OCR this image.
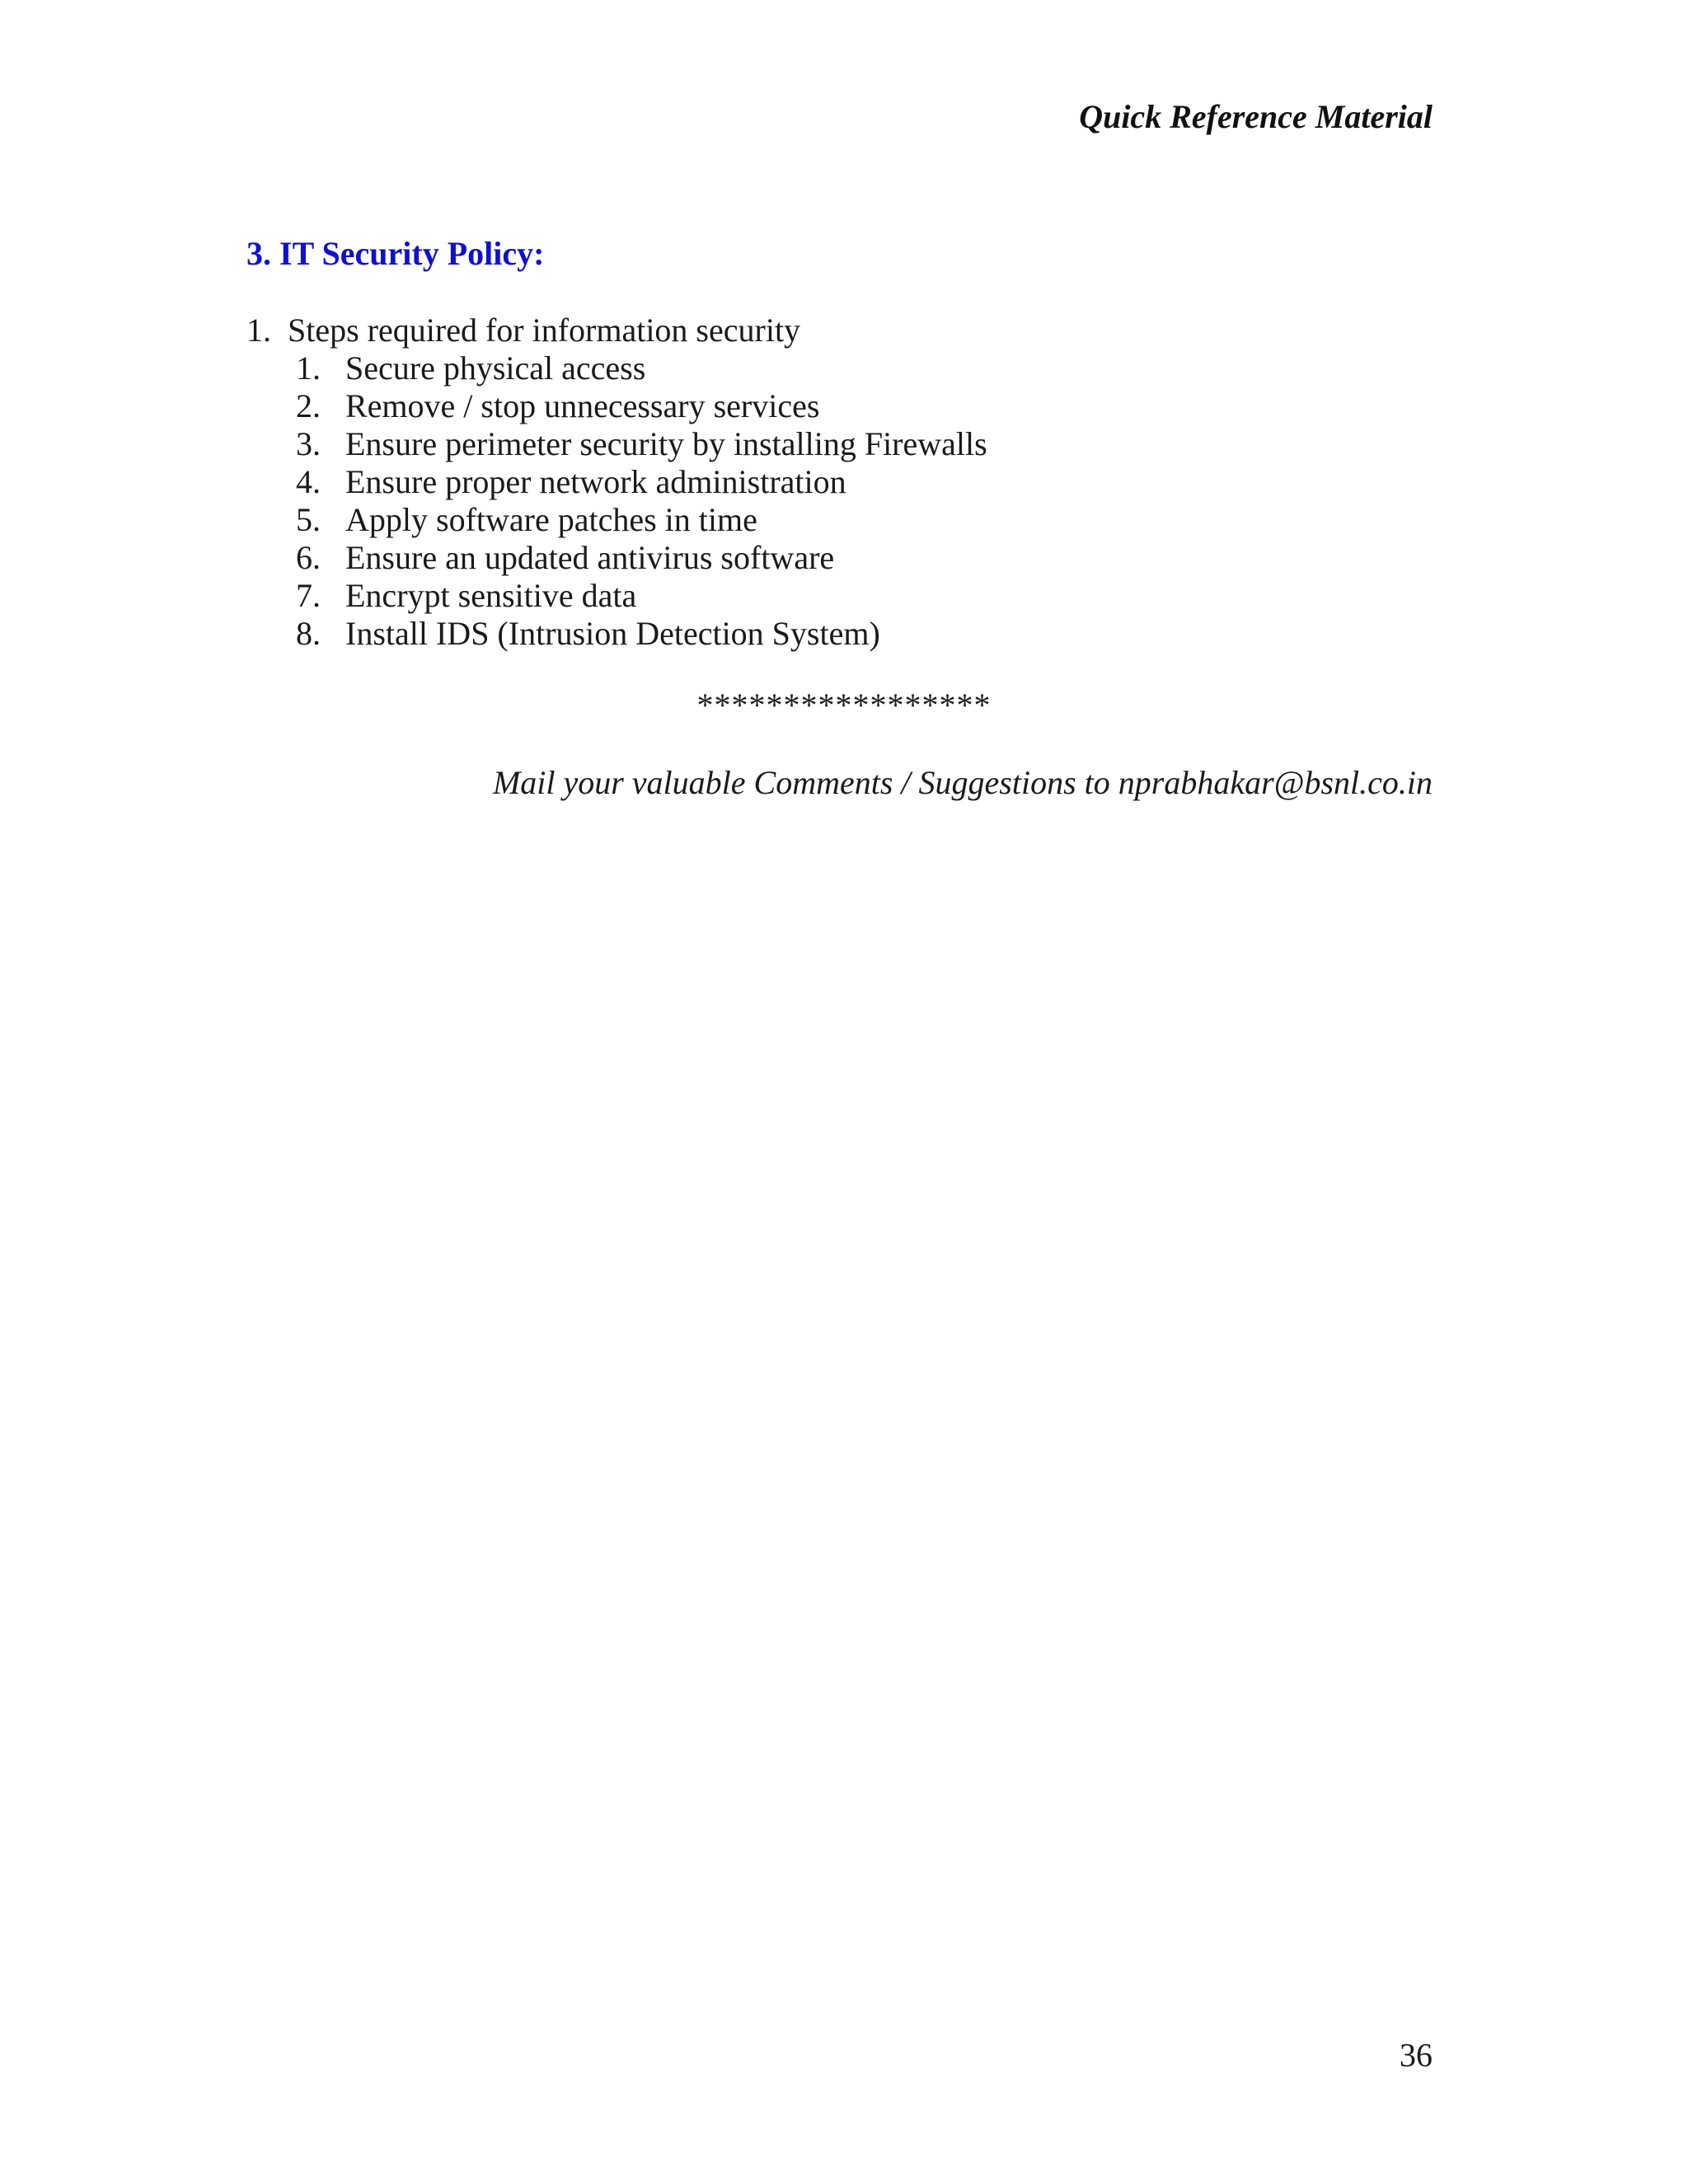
Quick Reference Material
3. IT Security Policy:
1. Steps required for information security
1. Secure physical access
2. Remove / stop unnecessary services
3. Ensure perimeter security by installing Firewalls
4. Ensure proper network administration
5. Apply software patches in time
6. Ensure an updated antivirus software
7. Encrypt sensitive data
8. Install IDS (Intrusion Detection System)
*****************
Mail your valuable Comments / Suggestions to nprabhakar@bsnl.co.in
36
